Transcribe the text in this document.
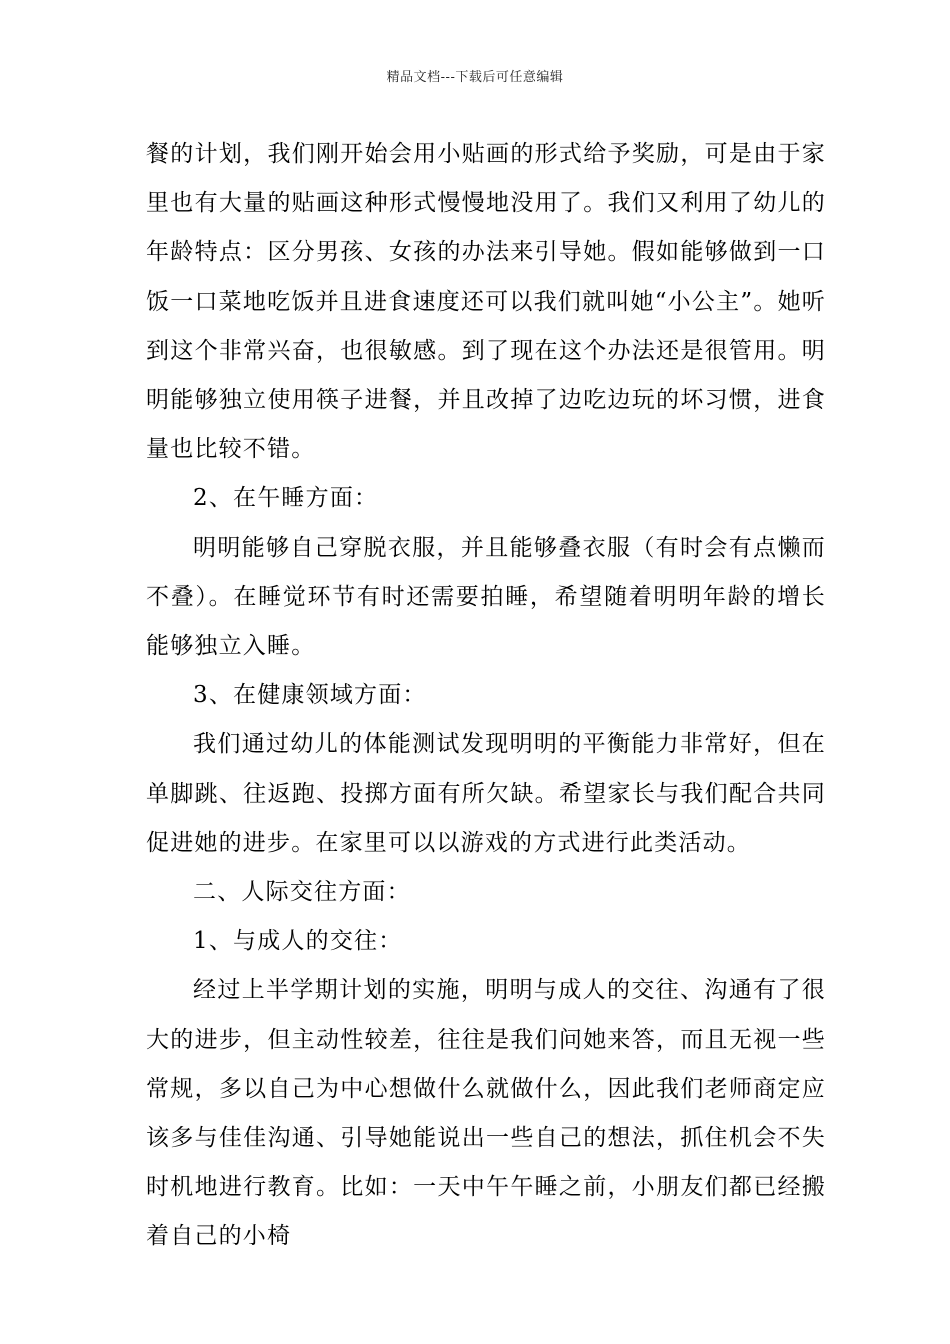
精品文档---下载后可任意编辑

餐的计划，我们刚开始会用小贴画的形式给予奖励，可是由于家里也有大量的贴画这种形式慢慢地没用了。我们又利用了幼儿的年龄特点：区分男孩、女孩的办法来引导她。假如能够做到一口饭一口菜地吃饭并且进食速度还可以我们就叫她“小公主”。她听到这个非常兴奋，也很敏感。到了现在这个办法还是很管用。明明能够独立使用筷子进餐，并且改掉了边吃边玩的坏习惯，进食量也比较不错。

2、在午睡方面：

明明能够自己穿脱衣服，并且能够叠衣服（有时会有点懒而不叠）。在睡觉环节有时还需要拍睡，希望随着明明年龄的增长能够独立入睡。

3、在健康领域方面：

我们通过幼儿的体能测试发现明明的平衡能力非常好，但在单脚跳、往返跑、投掷方面有所欠缺。希望家长与我们配合共同促进她的进步。在家里可以以游戏的方式进行此类活动。

二、人际交往方面：

1、与成人的交往：

经过上半学期计划的实施，明明与成人的交往、沟通有了很大的进步，但主动性较差，往往是我们问她来答，而且无视一些常规，多以自己为中心想做什么就做什么，因此我们老师商定应该多与佳佳沟通、引导她能说出一些自己的想法，抓住机会不失时机地进行教育。比如：一天中午午睡之前，小朋友们都已经搬着自己的小椅
